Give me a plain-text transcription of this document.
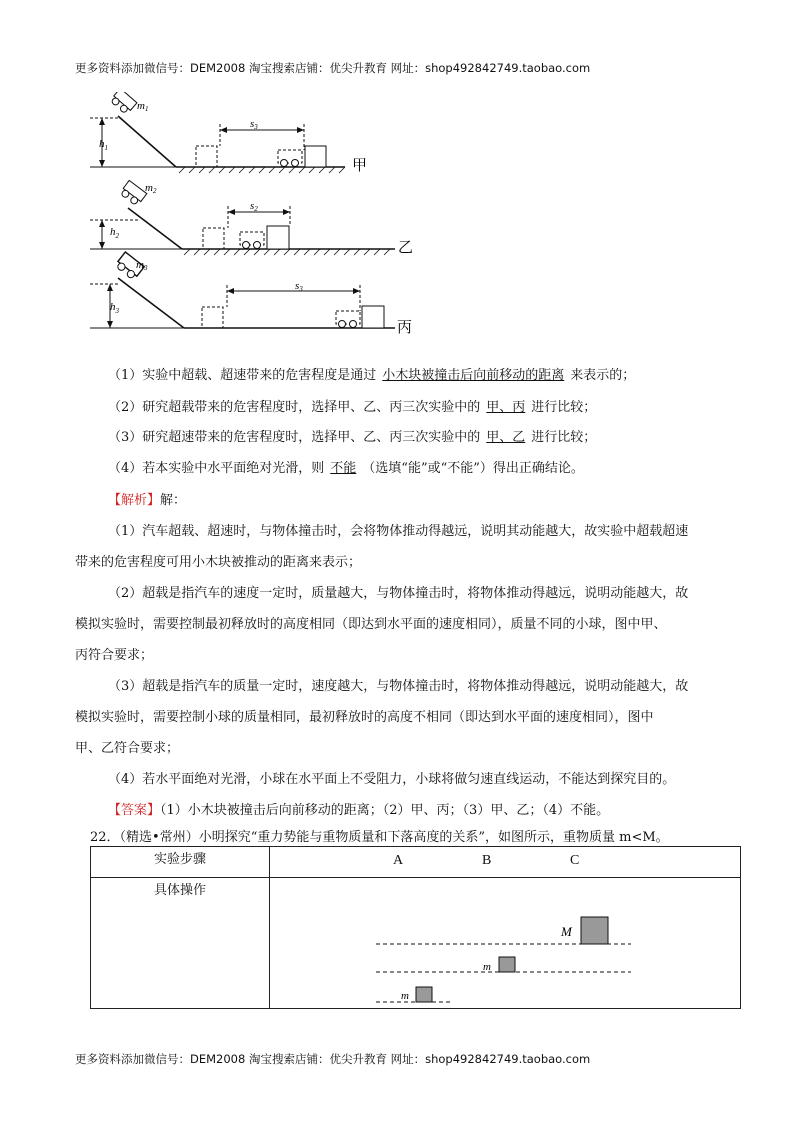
更多资料添加微信号：DEM2008 淘宝搜索店铺：优尖升教育 网址：shop492842749.taobao.com
$h_1$
m1
s3
甲
$h_2$
m2
s2
乙
$h_3$
m3
s3
丙
（1）实验中超载、超速带来的危害程度是通过 小木块被撞击后向前移动的距离 来表示的；
（2）研究超载带来的危害程度时，选择甲、乙、丙三次实验中的 甲、丙 进行比较；
（3）研究超速带来的危害程度时，选择甲、乙、丙三次实验中的 甲、乙 进行比较；
（4）若本实验中水平面绝对光滑，则 不能 （选填“能”或“不能”）得出正确结论。
【解析】解：
（1）汽车超载、超速时，与物体撞击时，会将物体推动得越远，说明其动能越大，故实验中超载超速
带来的危害程度可用小木块被推动的距离来表示；
（2）超载是指汽车的速度一定时，质量越大，与物体撞击时，将物体推动得越远，说明动能越大，故
模拟实验时，需要控制最初释放时的高度相同（即达到水平面的速度相同），质量不同的小球，图中甲、
丙符合要求；
（3）超载是指汽车的质量一定时，速度越大，与物体撞击时，将物体推动得越远，说明动能越大，故
模拟实验时，需要控制小球的质量相同，最初释放时的高度不相同（即达到水平面的速度相同），图中
甲、乙符合要求；
（4）若水平面绝对光滑，小球在水平面上不受阻力，小球将做匀速直线运动，不能达到探究目的。
【答案】（1）小木块被撞击后向前移动的距离；（2）甲、丙；（3）甲、乙；（4）不能。
22．（精选•常州）小明探究“重力势能与重物质量和下落高度的关系”，如图所示，重物质量 m<M。
实验步骤	A B C

具体操作	M
m
m
更多资料添加微信号：DEM2008 淘宝搜索店铺：优尖升教育 网址：shop492842749.taobao.com
